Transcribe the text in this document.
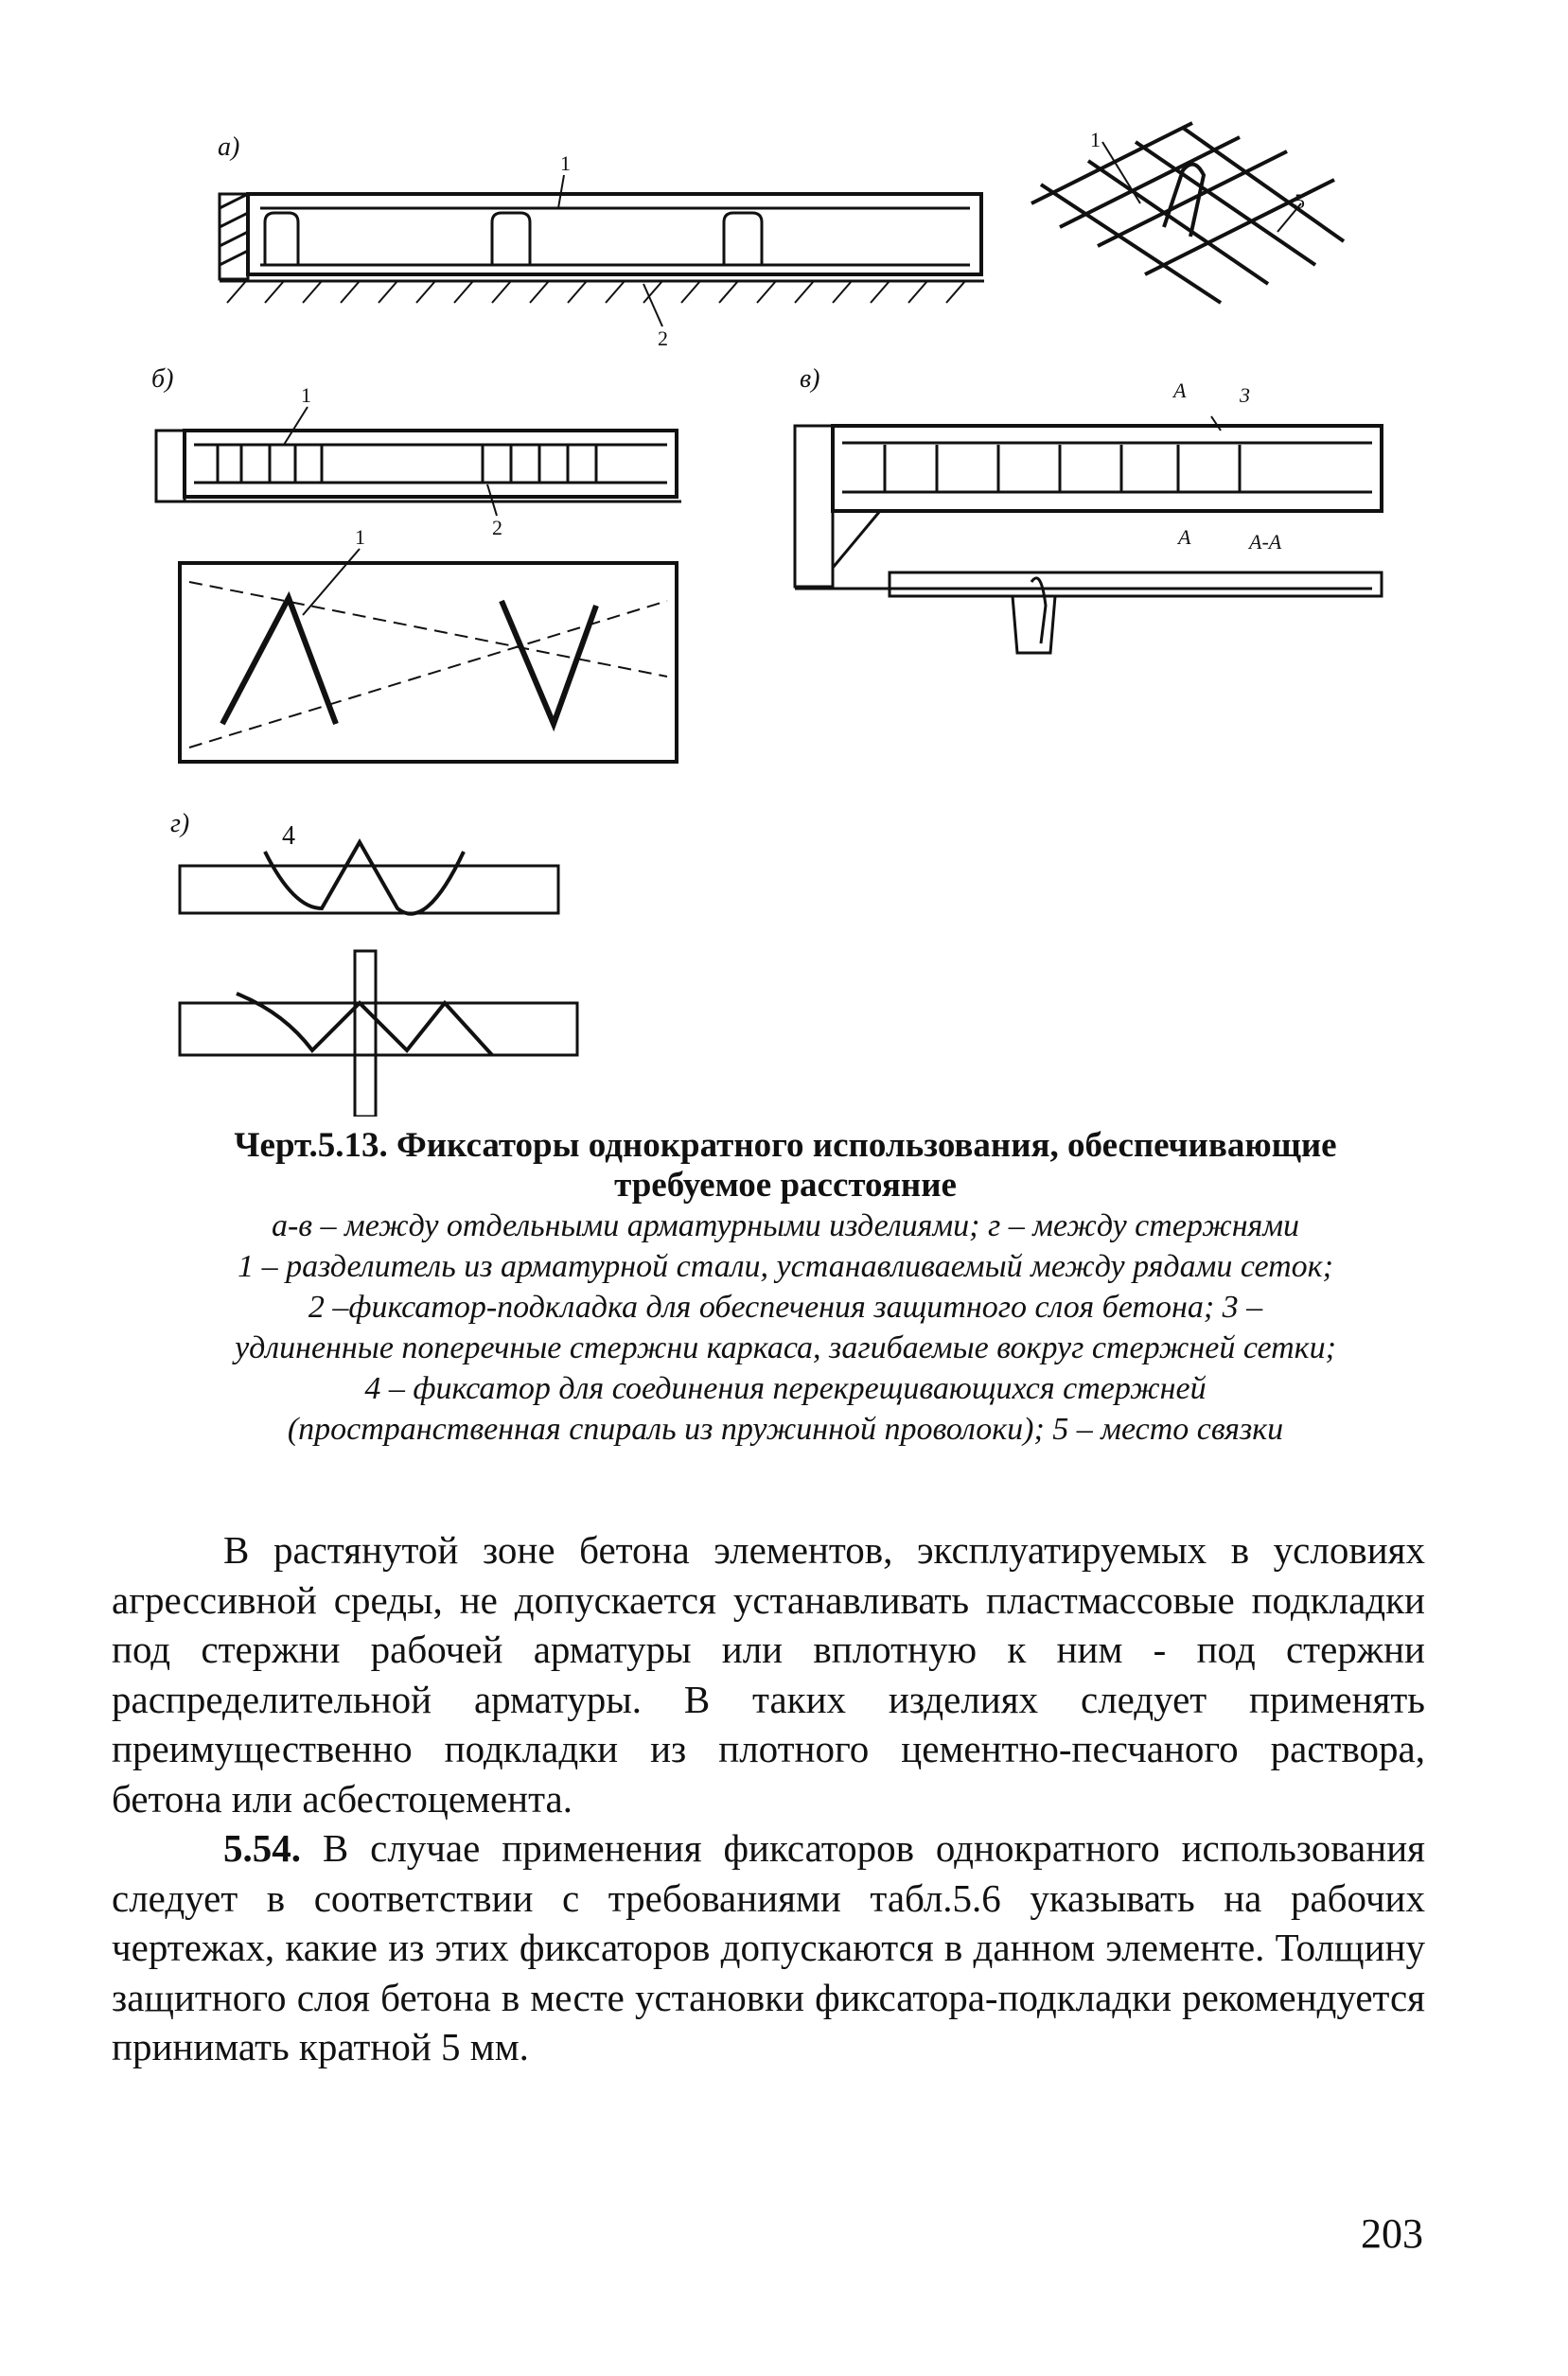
а)
б)	в)
г)
1
2
1
5
1
2
1
А	3
А	А-А
4
Черт.5.13. Фиксаторы однократного использования, обеспечивающие
требуемое расстояние
а-в – между отдельными арматурными изделиями; г – между стержнями
1 – разделитель из арматурной стали, устанавливаемый между рядами сеток;
2 –фиксатор-подкладка для обеспечения защитного слоя бетона; 3 –
удлиненные поперечные стержни каркаса, загибаемые вокруг стержней сетки;
4 – фиксатор для соединения перекрещивающихся стержней
(пространственная спираль из пружинной проволоки); 5 – место связки

В растянутой зоне бетона элементов, эксплуатируемых в условиях агрессивной среды, не допускается устанавливать пластмассовые подкладки под стержни рабочей арматуры или вплотную к ним - под стержни распределительной арматуры. В таких изделиях следует применять преимущественно подкладки из плотного цементно-песчаного раствора, бетона или асбестоцемента.

5.54. В случае применения фиксаторов однократного использования следует в соответствии с требованиями табл.5.6 указывать на рабочих чертежах, какие из этих фиксаторов допускаются в данном элементе. Толщину защитного слоя бетона в месте установки фиксатора-подкладки рекомендуется принимать кратной 5 мм.

203
